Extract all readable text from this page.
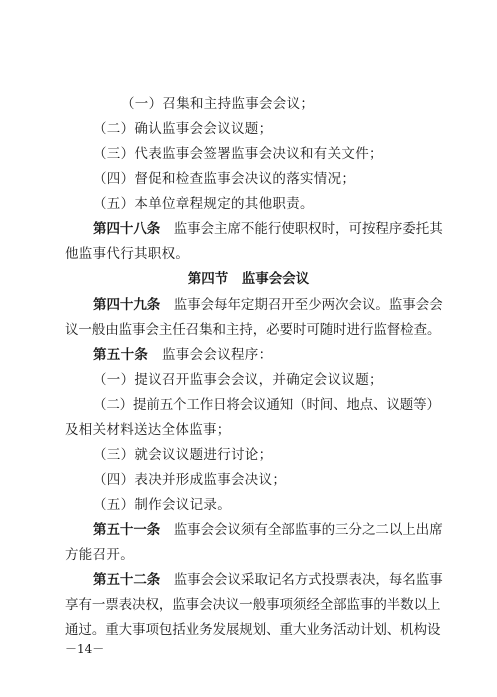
（一）召集和主持监事会会议；
（二）确认监事会会议议题；
（三）代表监事会签署监事会决议和有关文件；
（四）督促和检查监事会决议的落实情况；
（五）本单位章程规定的其他职责。
第四十八条　监事会主席不能行使职权时，可按程序委托其
他监事代行其职权。
第四节　监事会会议
第四十九条　监事会每年定期召开至少两次会议。监事会会
议一般由监事会主任召集和主持，必要时可随时进行监督检查。
第五十条　监事会会议程序：
（一）提议召开监事会会议，并确定会议议题；
（二）提前五个工作日将会议通知（时间、地点、议题等）
及相关材料送达全体监事；
（三）就会议议题进行讨论；
（四）表决并形成监事会决议；
（五）制作会议记录。
第五十一条　监事会会议须有全部监事的三分之二以上出席
方能召开。
第五十二条　监事会会议采取记名方式投票表决，每名监事
享有一票表决权，监事会决议一般事项须经全部监事的半数以上
通过。重大事项包括业务发展规划、重大业务活动计划、机构设
－14－
